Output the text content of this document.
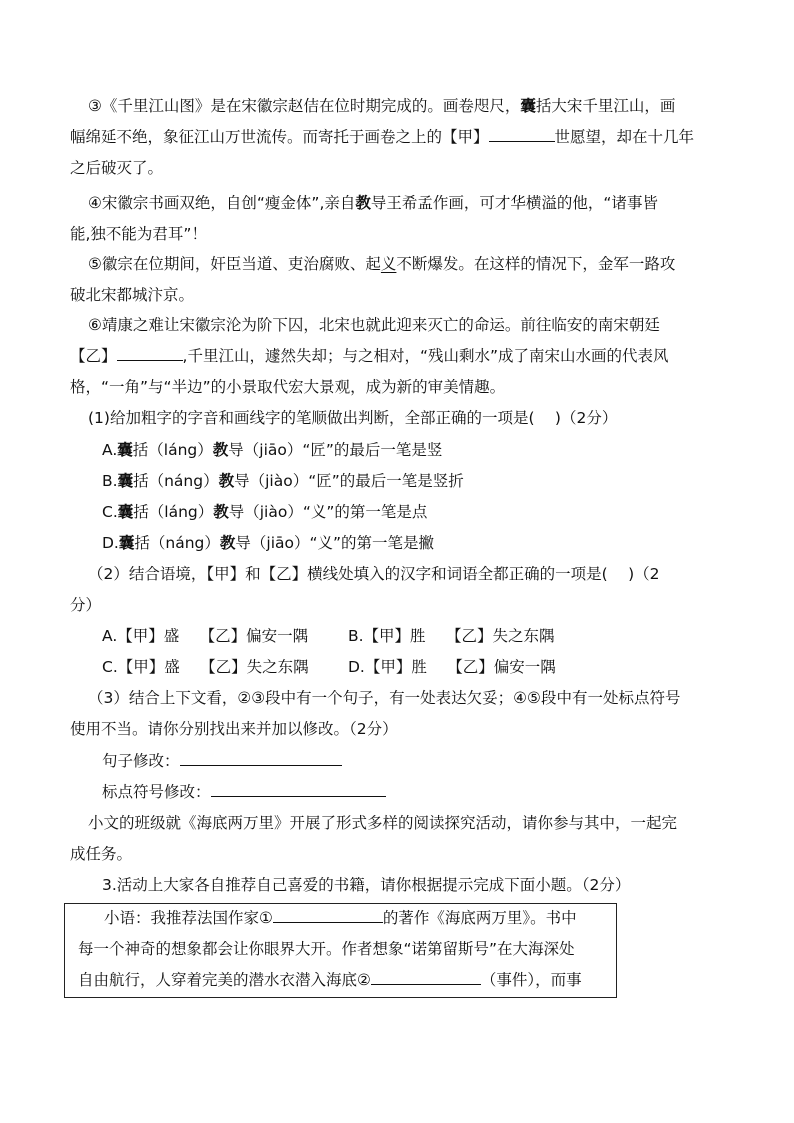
③《千里江山图》是在宋徽宗赵佶在位时期完成的。画卷咫尺，囊括大宋千里江山，画
幅绵延不绝，象征江山万世流传。而寄托于画卷之上的【甲】	世愿望，却在十几年
之后破灭了。
④宋徽宗书画双绝，自创“瘦金体”,亲自教导王希孟作画，可才华横溢的他，“诸事皆
能,独不能为君耳”！
⑤徽宗在位期间，奸臣当道、吏治腐败、起义不断爆发。在这样的情况下，金军一路攻
破北宋都城汴京。
⑥靖康之难让宋徽宗沦为阶下囚，北宋也就此迎来灭亡的命运。前往临安的南宋朝廷
【乙】	,千里江山，遽然失却；与之相对，“残山剩水”成了南宋山水画的代表风
格，“一角”与“半边”的小景取代宏大景观，成为新的审美情趣。
(1)给加粗字的字音和画线字的笔顺做出判断，全部正确的一项是(　 )（2分）
A.囊括（láng）教导（jiāo）“匠”的最后一笔是竖
B.囊括（náng）教导（jiào）“匠”的最后一笔是竖折
C.囊括（láng）教导（jiào）“义”的第一笔是点
D.囊括（náng）教导（jiāo）“义”的第一笔是撇
（2）结合语境，【甲】和【乙】横线处填入的汉字和词语全都正确的一项是(　 )（2
分）
A.【甲】盛　 【乙】偏安一隅	B.【甲】胜　 【乙】失之东隅
C.【甲】盛　 【乙】失之东隅	D.【甲】胜　 【乙】偏安一隅
（3）结合上下文看，②③段中有一个句子，有一处表达欠妥；④⑤段中有一处标点符号
使用不当。请你分别找出来并加以修改。（2分）
句子修改：
标点符号修改：
小文的班级就《海底两万里》开展了形式多样的阅读探究活动，请你参与其中，一起完
成任务。
3.活动上大家各自推荐自己喜爱的书籍，请你根据提示完成下面小题。（2分）
小语：我推荐法国作家①	的著作《海底两万里》。书中
每一个神奇的想象都会让你眼界大开。作者想象“诺第留斯号”在大海深处
自由航行，人穿着完美的潜水衣潜入海底②	（事件），而事
